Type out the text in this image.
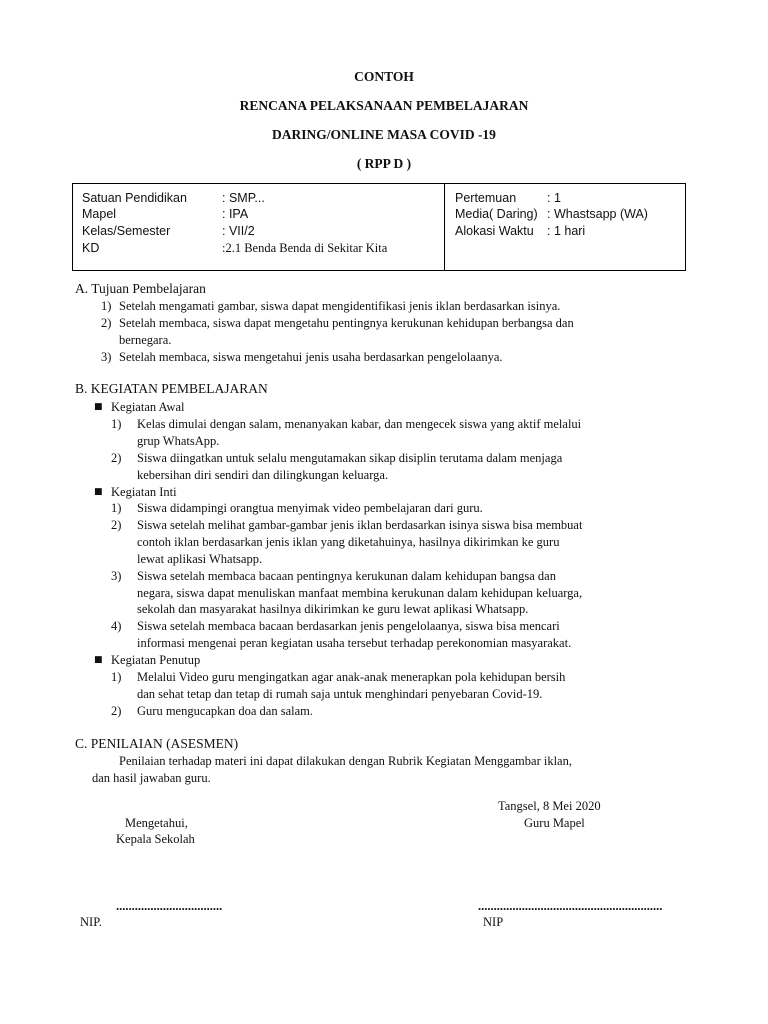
CONTOH
RENCANA PELAKSANAAN PEMBELAJARAN
DARING/ONLINE MASA COVID -19
( RPP D )
Satuan Pendidikan	: SMP...
Mapel	: IPA
Kelas/Semester	: VII/2
KD	:2.1 Benda Benda di Sekitar Kita
Pertemuan : 1
Media( Daring) : Whastsapp (WA)
Alokasi Waktu : 1 hari
A. Tujuan Pembelajaran
1) Setelah mengamati gambar, siswa dapat mengidentifikasi jenis iklan berdasarkan isinya.
2) Setelah membaca, siswa dapat mengetahu pentingnya kerukunan kehidupan berbangsa dan
bernegara.
3) Setelah membaca, siswa mengetahui jenis usaha berdasarkan pengelolaanya.
B. KEGIATAN PEMBELAJARAN
■ Kegiatan Awal
1) Kelas dimulai dengan salam, menanyakan kabar, dan mengecek siswa yang aktif melalui
grup WhatsApp.
2) Siswa diingatkan untuk selalu mengutamakan sikap disiplin terutama dalam menjaga
kebersihan diri sendiri dan dilingkungan keluarga.
■ Kegiatan Inti
1) Siswa didampingi orangtua menyimak video pembelajaran dari guru.
2) Siswa setelah melihat gambar-gambar jenis iklan berdasarkan isinya siswa bisa membuat
contoh iklan berdasarkan jenis iklan yang diketahuinya, hasilnya dikirimkan ke guru
lewat aplikasi Whatsapp.
3) Siswa setelah membaca bacaan pentingnya kerukunan dalam kehidupan bangsa dan
negara, siswa dapat menuliskan manfaat membina kerukunan dalam kehidupan keluarga,
sekolah dan masyarakat hasilnya dikirimkan ke guru lewat aplikasi Whatsapp.
4) Siswa setelah membaca bacaan berdasarkan jenis pengelolaanya, siswa bisa mencari
informasi mengenai peran kegiatan usaha tersebut terhadap perekonomian masyarakat.
■ Kegiatan Penutup
1) Melalui Video guru mengingatkan agar anak-anak menerapkan pola kehidupan bersih
dan sehat tetap dan tetap di rumah saja untuk menghindari penyebaran Covid-19.
2) Guru mengucapkan doa dan salam.
C. PENILAIAN (ASESMEN)
Penilaian terhadap materi ini dapat dilakukan dengan Rubrik Kegiatan Menggambar iklan,
dan hasil jawaban guru.
Tangsel, 8 Mei 2020
Mengetahui,	Guru Mapel
Kepala Sekolah
..................................	...........................................................
NIP.	NIP
